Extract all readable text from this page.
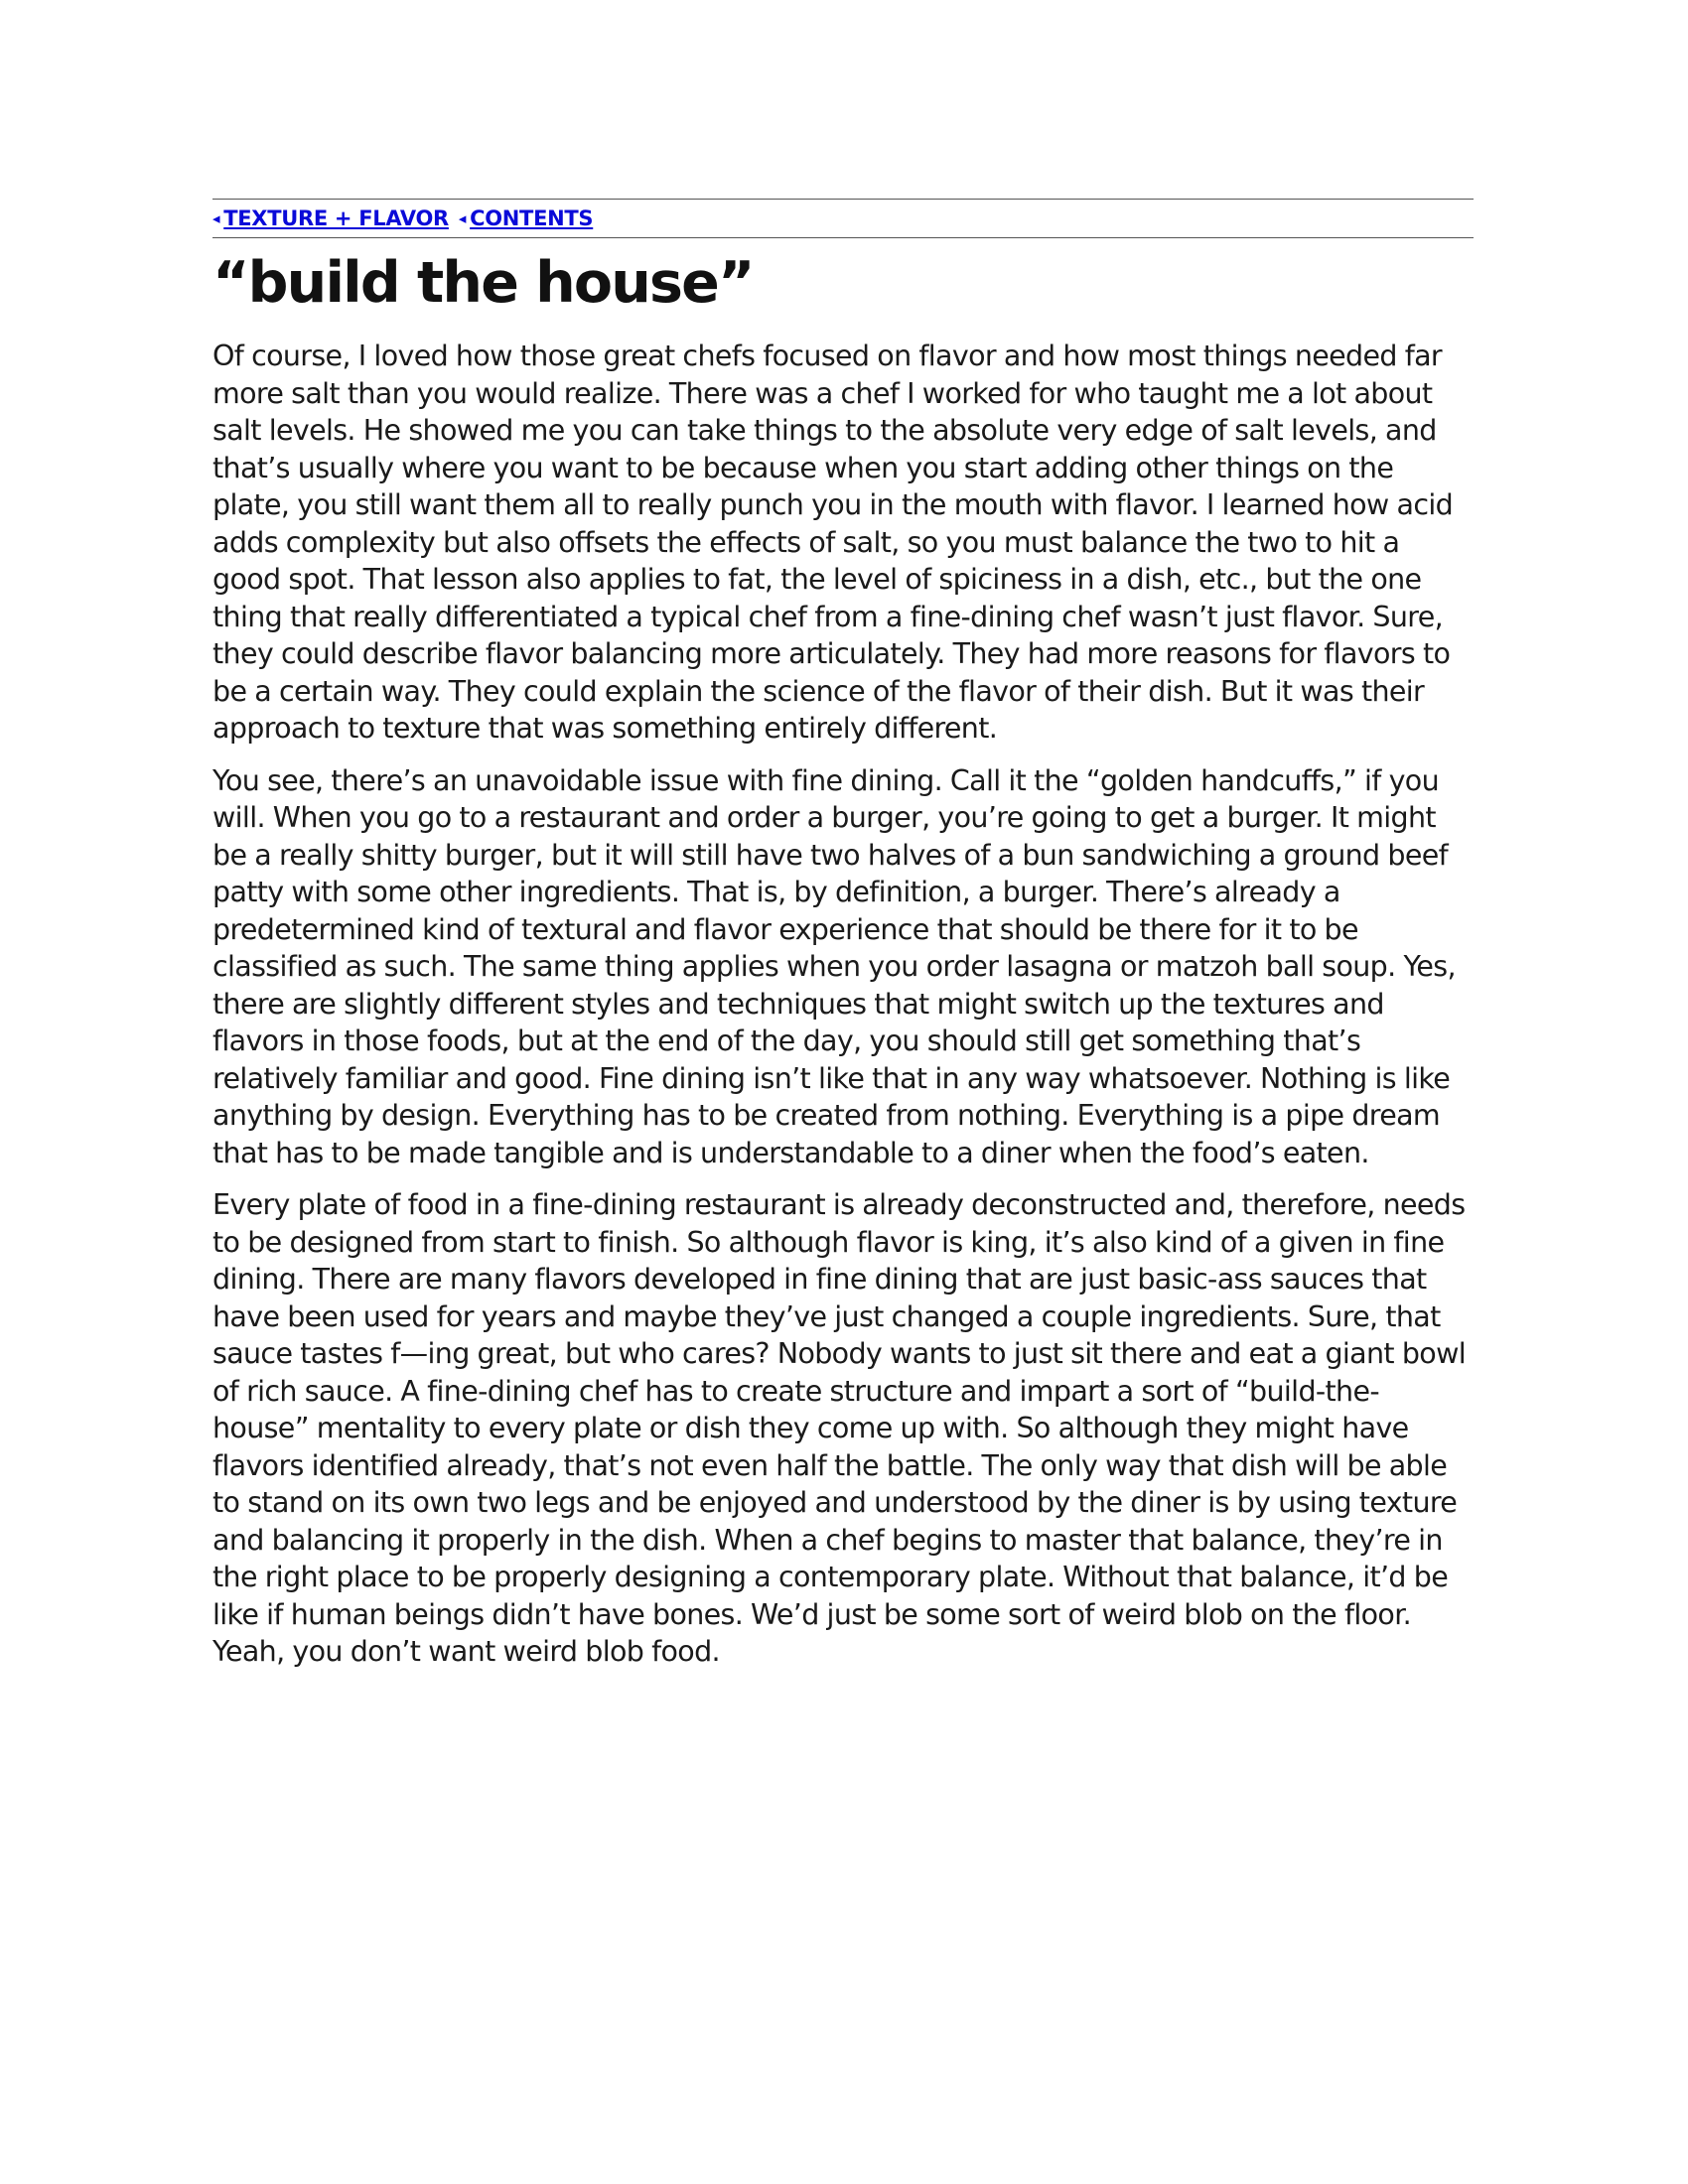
◂ TEXTURE + FLAVOR ◂ CONTENTS
“build the house”

Of course, I loved how those great chefs focused on flavor and how most things needed far more salt than you would realize. There was a chef I worked for who taught me a lot about salt levels. He showed me you can take things to the absolute very edge of salt levels, and that’s usually where you want to be because when you start adding other things on the plate, you still want them all to really punch you in the mouth with flavor. I learned how acid adds complexity but also offsets the effects of salt, so you must balance the two to hit a good spot. That lesson also applies to fat, the level of spiciness in a dish, etc., but the one thing that really differentiated a typical chef from a fine-dining chef wasn’t just flavor. Sure, they could describe flavor balancing more articulately. They had more reasons for flavors to be a certain way. They could explain the science of the flavor of their dish. But it was their approach to texture that was something entirely different.

You see, there’s an unavoidable issue with fine dining. Call it the “golden handcuffs,” if you will. When you go to a restaurant and order a burger, you’re going to get a burger. It might be a really shitty burger, but it will still have two halves of a bun sandwiching a ground beef patty with some other ingredients. That is, by definition, a burger. There’s already a predetermined kind of textural and flavor experience that should be there for it to be classified as such. The same thing applies when you order lasagna or matzoh ball soup. Yes, there are slightly different styles and techniques that might switch up the textures and flavors in those foods, but at the end of the day, you should still get something that’s relatively familiar and good. Fine dining isn’t like that in any way whatsoever. Nothing is like anything by design. Everything has to be created from nothing. Everything is a pipe dream that has to be made tangible and is understandable to a diner when the food’s eaten.

Every plate of food in a fine-dining restaurant is already deconstructed and, therefore, needs to be designed from start to finish. So although flavor is king, it’s also kind of a given in fine dining. There are many flavors developed in fine dining that are just basic-ass sauces that have been used for years and maybe they’ve just changed a couple ingredients. Sure, that sauce tastes f—ing great, but who cares? Nobody wants to just sit there and eat a giant bowl of rich sauce. A fine-dining chef has to create structure and impart a sort of “build-the-house” mentality to every plate or dish they come up with. So although they might have flavors identified already, that’s not even half the battle. The only way that dish will be able to stand on its own two legs and be enjoyed and understood by the diner is by using texture and balancing it properly in the dish. When a chef begins to master that balance, they’re in the right place to be properly designing a contemporary plate. Without that balance, it’d be like if human beings didn’t have bones. We’d just be some sort of weird blob on the floor. Yeah, you don’t want weird blob food.
